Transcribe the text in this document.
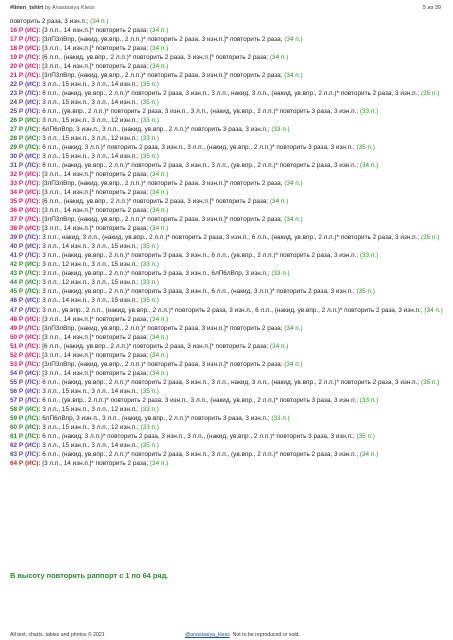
#linen_tshirt by Anastasiya Kless	5 из 39
повторить 2 раза, 3 изн.п.; (34 п.)
16 Р (ИС): [3 л.п., 14 изн.п.]* повторить 2 раза; (34 п.)
17 Р (ЛС): [3лП3лВпр, (накид, ув.впр., 2 л.п.)* повторить 2 раза, 3 изн.п.]* повторить 2 раза; (34 п.)
18 Р (ИС): [3 л.п., 14 изн.п.]* повторить 2 раза; (34 п.)
19 Р (ЛС): [6 л.п., (накид, ув.впр., 2 л.п.)* повторить 2 раза, 3 изн.п.]* повторить 2 раза; (34 п.)
20 Р (ИС): [3 л.п., 14 изн.п.]* повторить 2 раза; (34 п.)
21 Р (ЛС): [3лП3лВпр, (накид, ув.впр., 2 л.п.)* повторить 2 раза, 3 изн.п.]* повторить 2 раза; (34 п.)
22 Р (ИС): 3 л.п., 15 изн.п., 3 л.п., 14 изн.п.; (35 п.)
23 Р (ЛС): 6 л.п., (накид, ув.впр., 2 л.п.)* повторить 2 раза, 3 изн.п., 3 л.п., накид, 3 л.п., (накид, ув.впр., 2 л.п.)* повторить 2 раза, 3 изн.п.; (35 п.)
24 Р (ИС): 3 л.п., 15 изн.п., 3 л.п., 14 изн.п.; (35 п.)
25 Р (ЛС): 6 л.п., (ув.впр., 2 л.п.)* повторить 2 раза, 3 изн.п., 3 л.п., (накид, ув.впр., 2 л.п.)* повторить 3 раза, 3 изн.п.; (33 п.)
26 Р (ИС): 3 л.п., 15 изн.п., 3 л.п., 12 изн.п.; (33 п.)
27 Р (ЛС): 6лП6лВпр, 3 изн.п., 3 л.п., (накид, ув.впр., 2 л.п.)* повторить 3 раза, 3 изн.п.; (33 п.)
28 Р (ИС): 3 л.п., 15 изн.п., 3 л.п., 12 изн.п.; (33 п.)
29 Р (ЛС): 6 л.п., (накид, 3 л.п.)* повторить 2 раза, 3 изн.п., 3 л.п., (накид, ув.впр., 2 л.п.)* повторить 3 раза, 3 изн.п.; (35 п.)
30 Р (ИС): 3 л.п., 15 изн.п., 3 л.п., 14 изн.п.; (35 п.)
31 Р (ЛС): 6 л.п., (накид, ув.впр., 2 л.п.)* повторить 2 раза, 3 изн.п., 3 л.п., (ув.впр., 2 л.п.)* повторить 2 раза, 3 изн.п.; (34 п.)
32 Р (ИС): [3 л.п., 14 изн.п.]* повторить 2 раза; (34 п.)
33 Р (ЛС): [3лП3лВпр, (накид, ув.впр., 2 л.п.)* повторить 2 раза, 3 изн.п.]* повторить 2 раза; (34 п.)
34 Р (ИС): [3 л.п., 14 изн.п.]* повторить 2 раза; (34 п.)
35 Р (ЛС): [6 л.п., (накид, ув.впр., 2 л.п.)* повторить 2 раза, 3 изн.п.]* повторить 2 раза; (34 п.)
36 Р (ИС): [3 л.п., 14 изн.п.]* повторить 2 раза; (34 п.)
37 Р (ЛС): [3лП3лВпр, (накид, ув.впр., 2 л.п.)* повторить 2 раза, 3 изн.п.]* повторить 2 раза; (34 п.)
38 Р (ИС): [3 л.п., 14 изн.п.]* повторить 2 раза; (34 п.)
39 Р (ЛС): 3 л.п., накид, 3 л.п., (накид, ув.впр., 2 л.п.)* повторить 2 раза, 3 изн.п., 6 л.п., (накид, ув.впр., 2 л.п.)* повторить 2 раза, 3 изн.п.; (35 п.)
40 Р (ИС): 3 л.п., 14 изн.п., 3 л.п., 15 изн.п.; (35 п.)
41 Р (ЛС): 3 л.п., (накид, ув.впр., 2 л.п.)* повторить 3 раза, 3 изн.п., 6 л.п., (ув.впр., 2 л.п.)* повторить 2 раза, 3 изн.п.; (33 п.)
42 Р (ИС): 3 л.п., 12 изн.п., 3 л.п., 15 изн.п.; (33 п.)
43 Р (ЛС): 3 л.п., (накид, ув.впр., 2 л.п.)* повторить 3 раза, 3 изн.п., 6лП6лВпр, 3 изн.п.; (33 п.)
44 Р (ИС): 3 л.п., 12 изн.п., 3 л.п., 15 изн.п.; (33 п.)
45 Р (ЛС): 3 л.п., (накид, ув.впр., 2 л.п.)* повторить 3 раза, 3 изн.п., 6 л.п., (накид, 3 л.п.)* повторить 2 раза, 3 изн.п.; (35 п.)
46 Р (ИС): 3 л.п., 14 изн.п., 3 л.п., 15 изн.п.; (35 п.)
47 Р (ЛС): 3 л.п., ув.впр., 2 л.п., (накид, ув.впр., 2 л.п.)* повторить 2 раза, 3 изн.п., 6 л.п., (накид, ув.впр., 2 л.п.)* повторить 2 раза, 3 изн.п.; (34 п.)
48 Р (ИС): [3 л.п., 14 изн.п.]* повторить 2 раза; (34 п.)
49 Р (ЛС): [3лП3лВпр, (накид, ув.впр., 2 л.п.)* повторить 2 раза, 3 изн.п.]* повторить 2 раза; (34 п.)
50 Р (ИС): [3 л.п., 14 изн.п.]* повторить 2 раза; (34 п.)
51 Р (ЛС): [6 л.п., (накид, ув.впр., 2 л.п.)* повторить 2 раза, 3 изн.п.]* повторить 2 раза; (34 п.)
52 Р (ИС): [3 л.п., 14 изн.п.]* повторить 2 раза; (34 п.)
53 Р (ЛС): [3лП3лВпр, (накид, ув.впр., 2 л.п.)* повторить 2 раза, 3 изн.п.]* повторить 2 раза; (34 п.)
54 Р (ИС): [3 л.п., 14 изн.п.]* повторить 2 раза; (34 п.)
55 Р (ЛС): 6 л.п., (накид, ув.впр., 2 л.п.)* повторить 2 раза, 3 изн.п., 3 л.п., накид, 3 л.п., (накид, ув.впр., 2 л.п.)* повторить 2 раза, 3 изн.п.; (35 п.)
56 Р (ИС): 3 л.п., 15 изн.п., 3 л.п., 14 изн.п.; (35 п.)
57 Р (ЛС): 6 л.п., (ув.впр., 2 л.п.)* повторить 2 раза, 3 изн.п., 3 л.п., (накид, ув.впр., 2 л.п.)* повторить 3 раза, 3 изн.п.; (33 п.)
58 Р (ИС): 3 л.п., 15 изн.п., 3 л.п., 12 изн.п.; (33 п.)
59 Р (ЛС): 6лП6лВпр, 3 изн.п., 3 л.п., (накид, ув.впр., 2 л.п.)* повторить 3 раза, 3 изн.п.; (33 п.)
60 Р (ИС): 3 л.п., 15 изн.п., 3 л.п., 12 изн.п.; (33 п.)
61 Р (ЛС): 6 л.п., (накид, 3 л.п.)* повторить 2 раза, 3 изн.п., 3 л.п., (накид, ув.впр., 2 л.п.)* повторить 3 раза, 3 изн.п.; (35 п.)
62 Р (ИС): 3 л.п., 15 изн.п., 3 л.п., 14 изн.п.; (35 п.)
63 Р (ЛС): 6 л.п., (накид, ув.впр., 2 л.п.)* повторить 2 раза, 3 изн.п., 3 л.п., (ув.впр., 2 л.п.)* повторить 2 раза, 3 изн.п.; (34 п.)
64 Р (ИС): [3 л.п., 14 изн.п.]* повторить 2 раза; (34 п.)
В высоту повторять раппорт с 1 по 64 ряд.
All text, charts, tables and photos © 2021	@anastasiya_kless. Not to be reproduced or sold.
